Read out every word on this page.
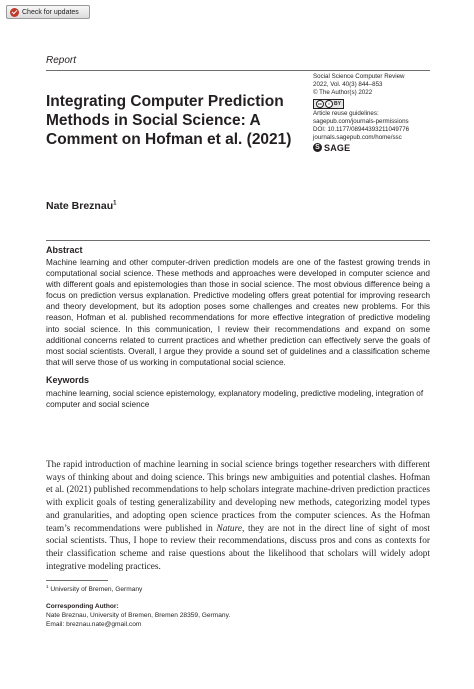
Check for updates
Report
Integrating Computer Prediction Methods in Social Science: A Comment on Hofman et al. (2021)
Social Science Computer Review
2022, Vol. 40(3) 844–853
© The Author(s) 2022
cc	i BY
Article reuse guidelines:
sagepub.com/journals-permissions
DOI: 10.1177/08944393211049776
journals.sagepub.com/home/ssc
S SAGE
Nate Breznau$^1$
Abstract

Machine learning and other computer-driven prediction models are one of the fastest growing trends in computational social science. These methods and approaches were developed in computer science and with different goals and epistemologies than those in social science. The most obvious difference being a focus on prediction versus explanation. Predictive modeling offers great potential for improving research and theory development, but its adoption poses some challenges and creates new problems. For this reason, Hofman et al. published recommendations for more effective integration of predictive modeling into social science. In this communication, I review their recommendations and expand on some additional concerns related to current practices and whether prediction can effectively serve the goals of most social scientists. Overall, I argue they provide a sound set of guidelines and a classification scheme that will serve those of us working in computational social science.

Keywords

machine learning, social science epistemology, explanatory modeling, predictive modeling, integration of computer and social science

The rapid introduction of machine learning in social science brings together researchers with different ways of thinking about and doing science. This brings new ambiguities and potential clashes. Hofman et al. (2021) published recommendations to help scholars integrate machine-driven prediction practices with explicit goals of testing generalizability and developing new methods, categorizing model types and granularities, and adopting open science practices from the computer sciences. As the Hofman team’s recommendations were published in Nature, they are not in the direct line of sight of most social scientists. Thus, I hope to review their recommendations, discuss pros and cons as contexts for their classification scheme and raise questions about the likelihood that scholars will widely adopt integrative modeling practices.

$^1$ University of Bremen, Germany
Corresponding Author:
Nate Breznau, University of Bremen, Bremen 28359, Germany.
Email: breznau.nate@gmail.com
